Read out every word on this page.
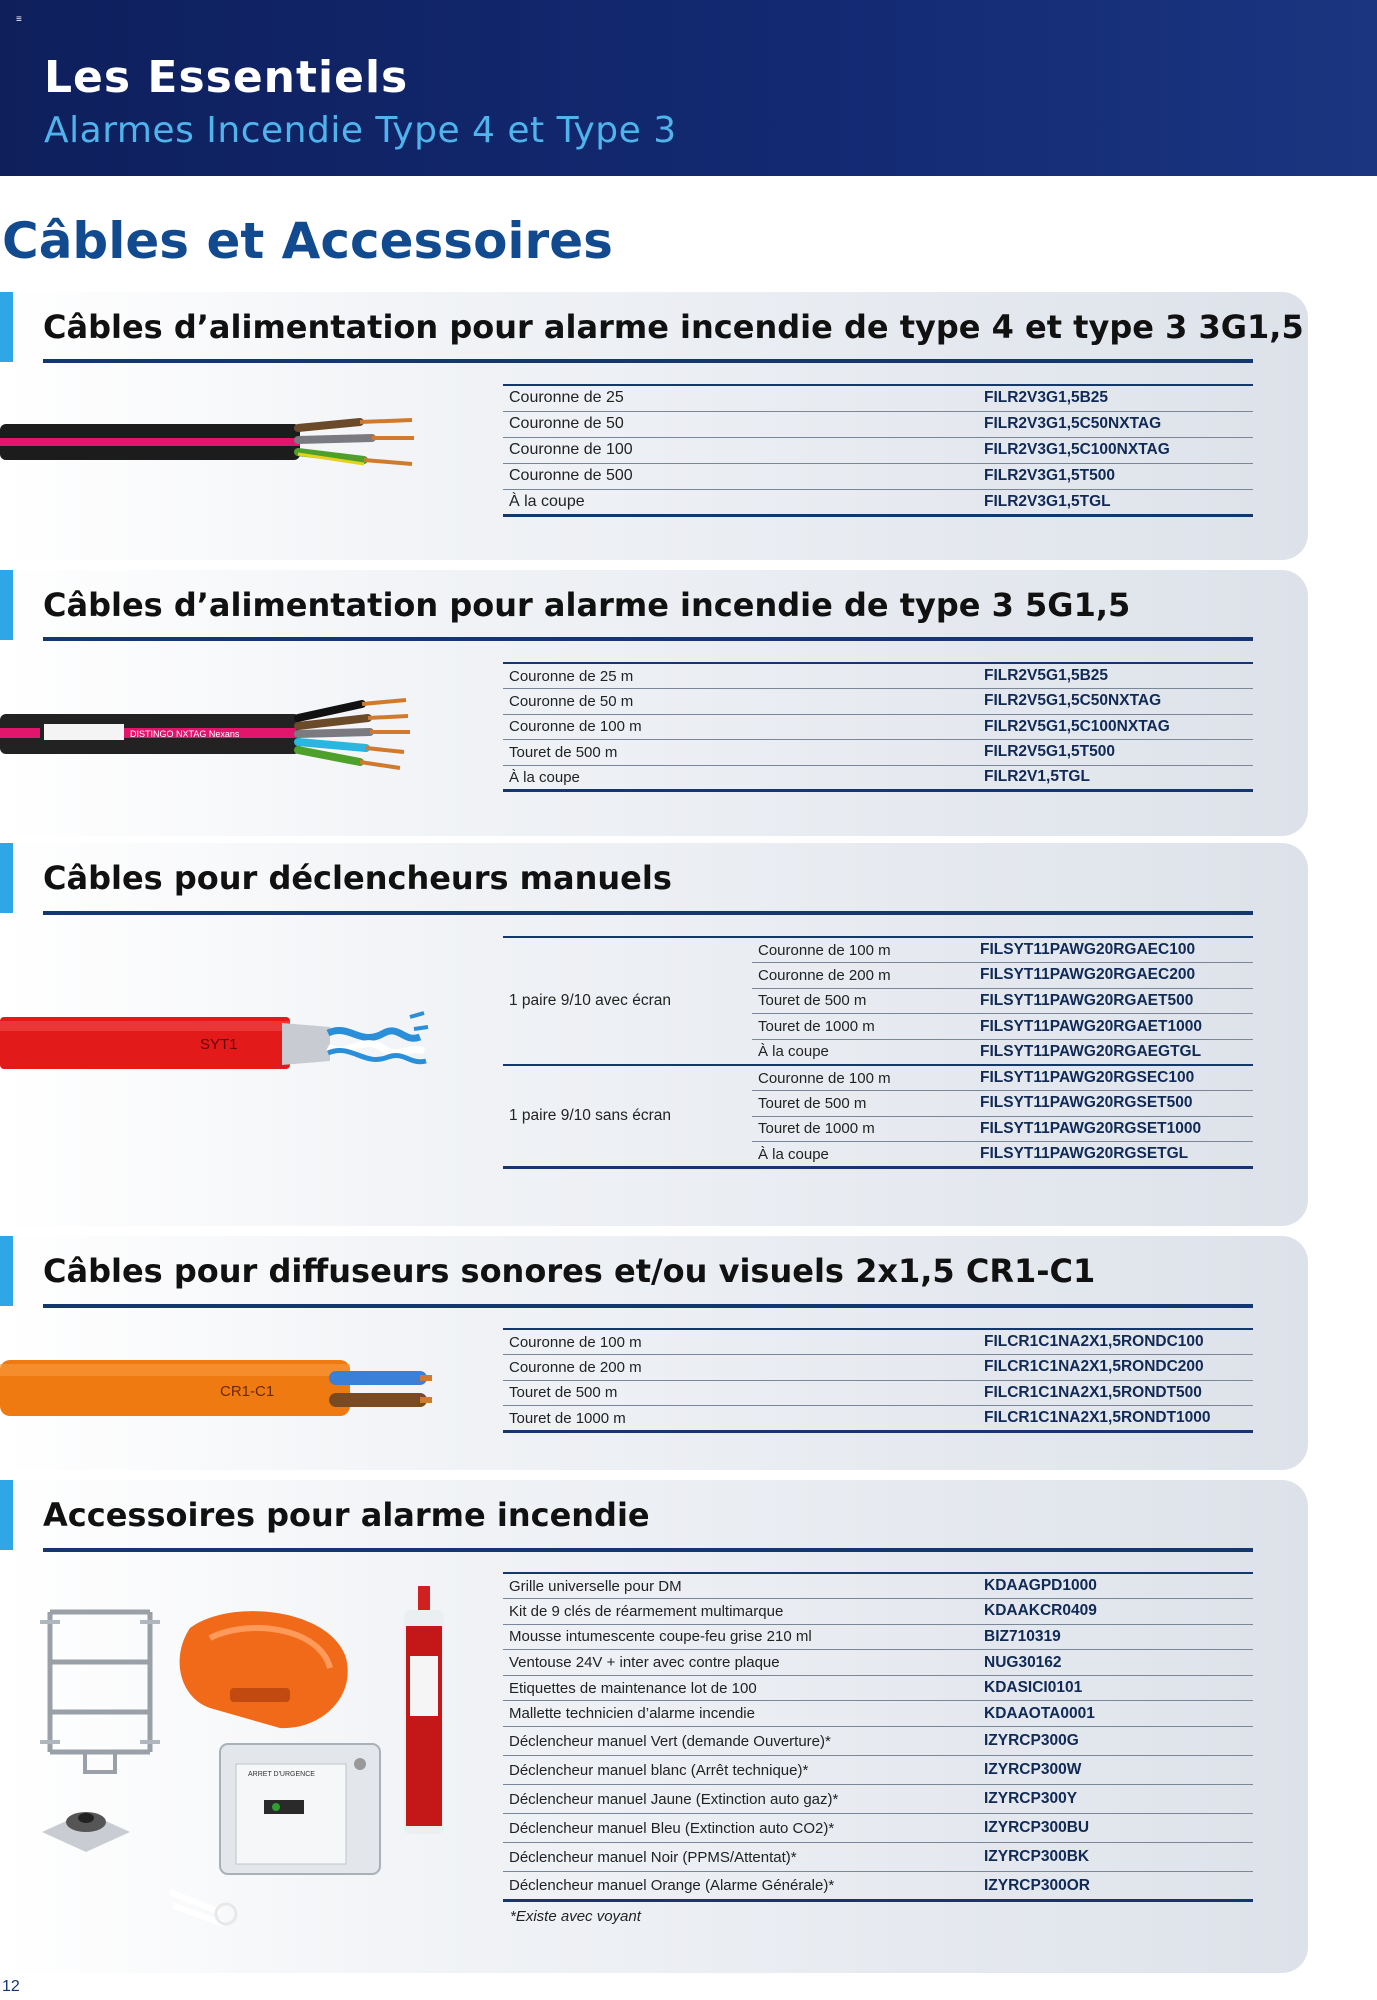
≡
Les Essentiels
Alarmes Incendie Type 4 et Type 3
Câbles et Accessoires
Câbles d’alimentation pour alarme incendie de type 4 et type 3 3G1,5
Couronne de 25	FILR2V3G1,5B25
Couronne de 50	FILR2V3G1,5C50NXTAG
Couronne de 100	FILR2V3G1,5C100NXTAG
Couronne de 500	FILR2V3G1,5T500
À la coupe	FILR2V3G1,5TGL
Câbles d’alimentation pour alarme incendie de type 3 5G1,5
DISTINGO NXTAG Nexans
Couronne de 25 m	FILR2V5G1,5B25
Couronne de 50 m	FILR2V5G1,5C50NXTAG
Couronne de 100 m	FILR2V5G1,5C100NXTAG
Touret de 500 m	FILR2V5G1,5T500
À la coupe	FILR2V1,5TGL
Câbles pour déclencheurs manuels
SYT1
1 paire 9/10 avec écran	Couronne de 100 m	FILSYT11PAWG20RGAEC100
	Couronne de 200 m	FILSYT11PAWG20RGAEC200
	Touret de 500 m	FILSYT11PAWG20RGAET500
	Touret de 1000 m	FILSYT11PAWG20RGAET1000
	À la coupe	FILSYT11PAWG20RGAEGTGL
1 paire 9/10 sans écran	Couronne de 100 m	FILSYT11PAWG20RGSEC100
	Touret de 500 m	FILSYT11PAWG20RGSET500
	Touret de 1000 m	FILSYT11PAWG20RGSET1000
	À la coupe	FILSYT11PAWG20RGSETGL
Câbles pour diffuseurs sonores et/ou visuels 2x1,5 CR1-C1
CR1-C1
Couronne de 100 m	FILCR1C1NA2X1,5RONDC100
Couronne de 200 m	FILCR1C1NA2X1,5RONDC200
Touret de 500 m	FILCR1C1NA2X1,5RONDT500
Touret de 1000 m	FILCR1C1NA2X1,5RONDT1000
Accessoires pour alarme incendie
ARRET D'URGENCE
Grille universelle pour DM	KDAAGPD1000
Kit de 9 clés de réarmement multimarque	KDAAKCR0409
Mousse intumescente coupe-feu grise 210 ml	BIZ710319
Ventouse 24V + inter avec contre plaque	NUG30162
Etiquettes de maintenance lot de 100	KDASICI0101
Mallette technicien d’alarme incendie	KDAAOTA0001
Déclencheur manuel Vert (demande Ouverture)*	IZYRCP300G
Déclencheur manuel blanc (Arrêt technique)*	IZYRCP300W
Déclencheur manuel Jaune (Extinction auto gaz)*	IZYRCP300Y
Déclencheur manuel Bleu (Extinction auto CO2)*	IZYRCP300BU
Déclencheur manuel Noir (PPMS/Attentat)*	IZYRCP300BK
Déclencheur manuel Orange (Alarme Générale)*	IZYRCP300OR
*Existe avec voyant
12
